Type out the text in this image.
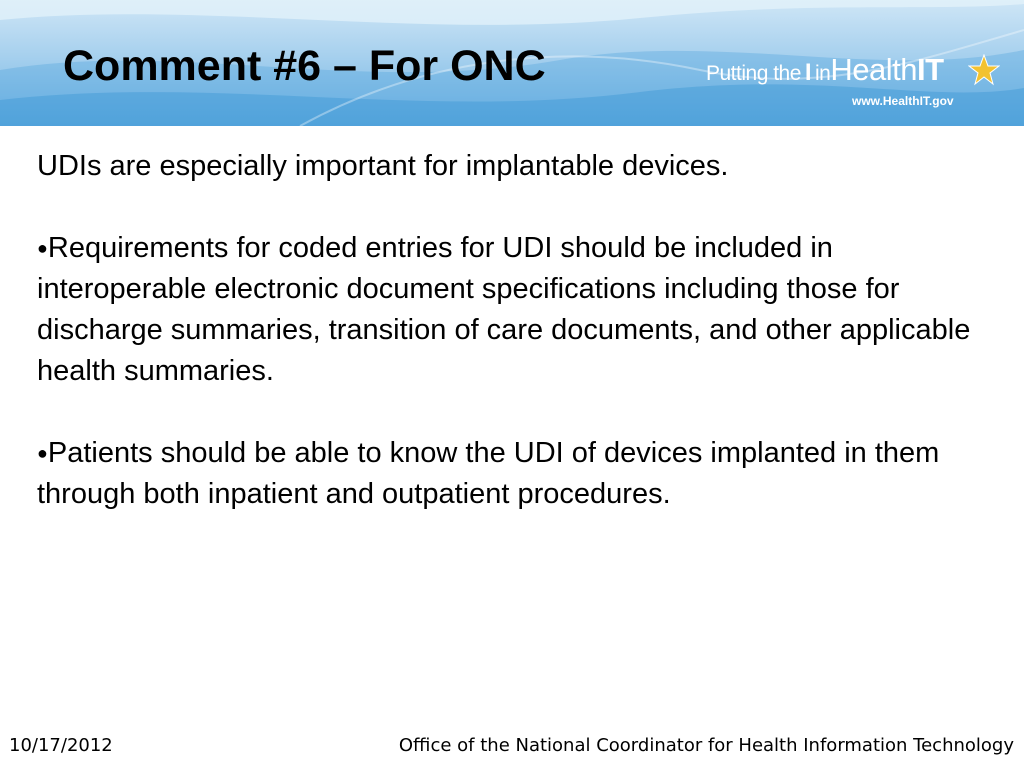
Comment #6 – For ONC	Putting the I inHealthIT
www.HealthIT.gov

UDIs are especially important for implantable devices.

●Requirements for coded entries for UDI should be included in interoperable electronic document specifications including those for discharge summaries, transition of care documents, and other applicable health summaries.

●Patients should be able to know the UDI of devices implanted in them through both inpatient and outpatient procedures.

10/17/2012	Office of the National Coordinator for Health Information Technology
